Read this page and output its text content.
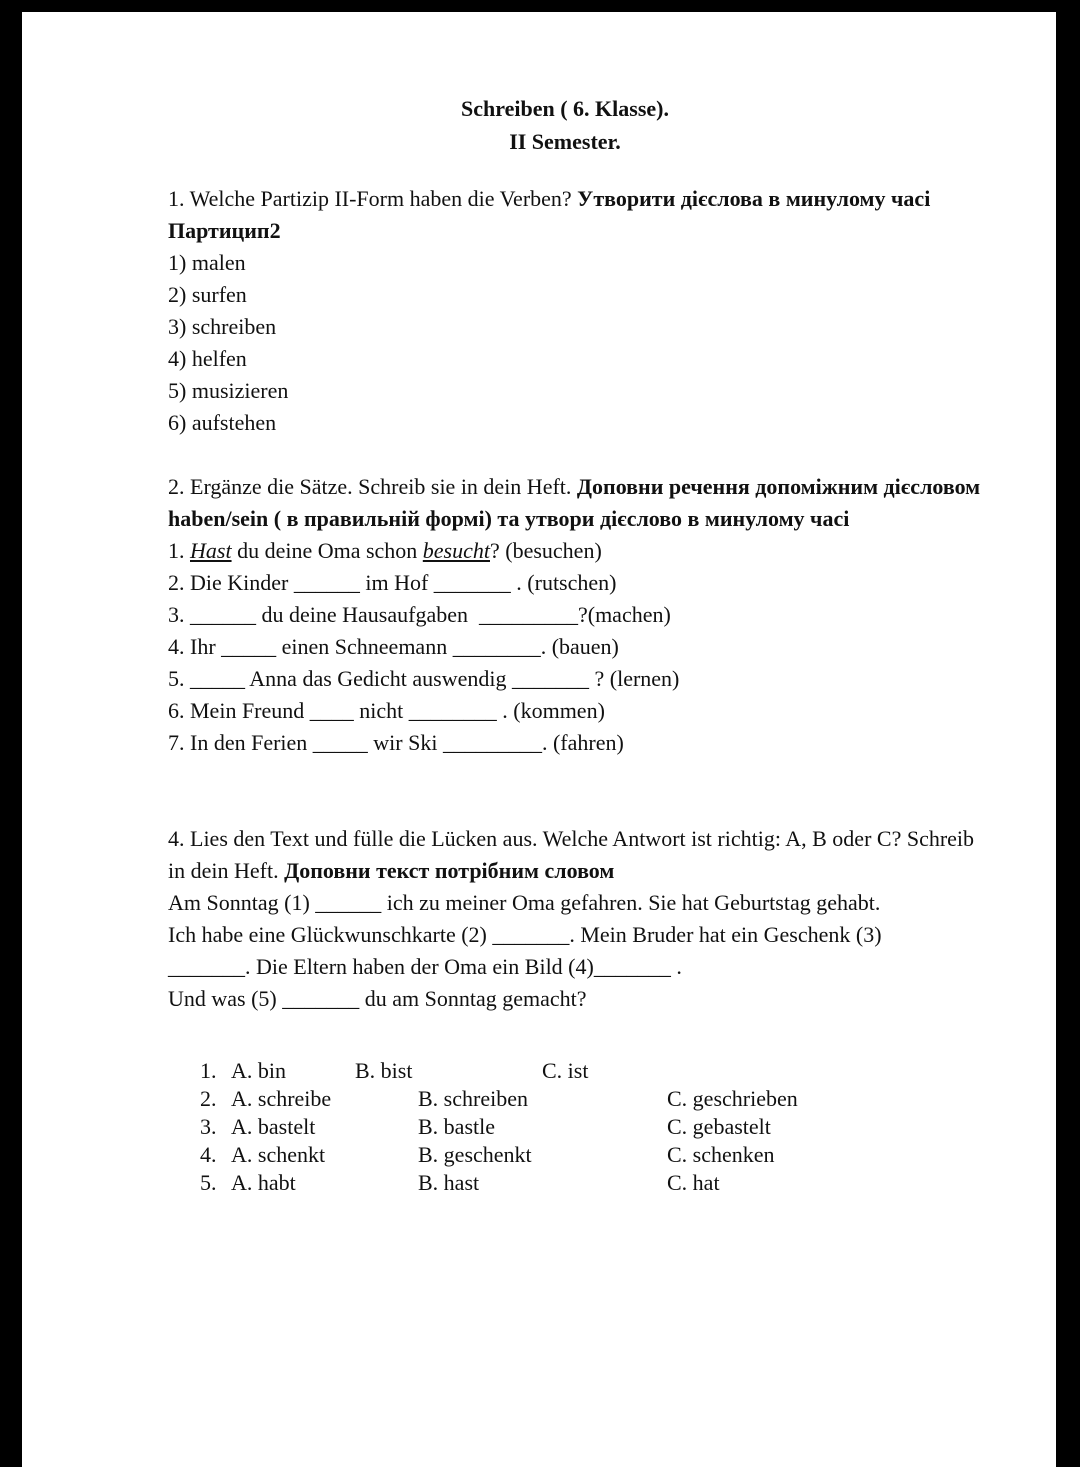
Schreiben ( 6. Klasse).
II Semester.
1. Welche Partizip II-Form haben die Verben? Утворити дієслова в минулому часі Партицип2
1) malen
2) surfen
3) schreiben
4) helfen
5) musizieren
6) aufstehen
2. Ergänze die Sätze. Schreib sie in dein Heft. Доповни речення допоміжним дієсловом haben/sein ( в правильній формі) та утвори дієслово в минулому часі
1. Hast du deine Oma schon besucht? (besuchen)
2. Die Kinder ______ im Hof _______ . (rutschen)
3. ______ du deine Hausaufgaben  _________?(machen)
4. Ihr _____ einen Schneemann ________. (bauen)
5. _____ Anna das Gedicht auswendig _______ ? (lernen)
6. Mein Freund ____ nicht ________ . (kommen)
7. In den Ferien _____ wir Ski _________. (fahren)
4. Lies den Text und fülle die Lücken aus. Welche Antwort ist richtig: A, B oder C? Schreib in dein Heft. Доповни текст потрібним словом
Am Sonntag (1) ______ ich zu meiner Oma gefahren. Sie hat Geburtstag gehabt.
Ich habe eine Glückwunschkarte (2) _______. Mein Bruder hat ein Geschenk (3)
_______. Die Eltern haben der Oma ein Bild (4)_______ .
Und was (5) _______ du am Sonntag gemacht?
1.	A. bin	B. bist	C. ist
2.	A. schreibe	B. schreiben	C. geschrieben
3.	A. bastelt	B. bastle	C. gebastelt
4.	A. schenkt	B. geschenkt	C. schenken
5.	A. habt	B. hast	C. hat
